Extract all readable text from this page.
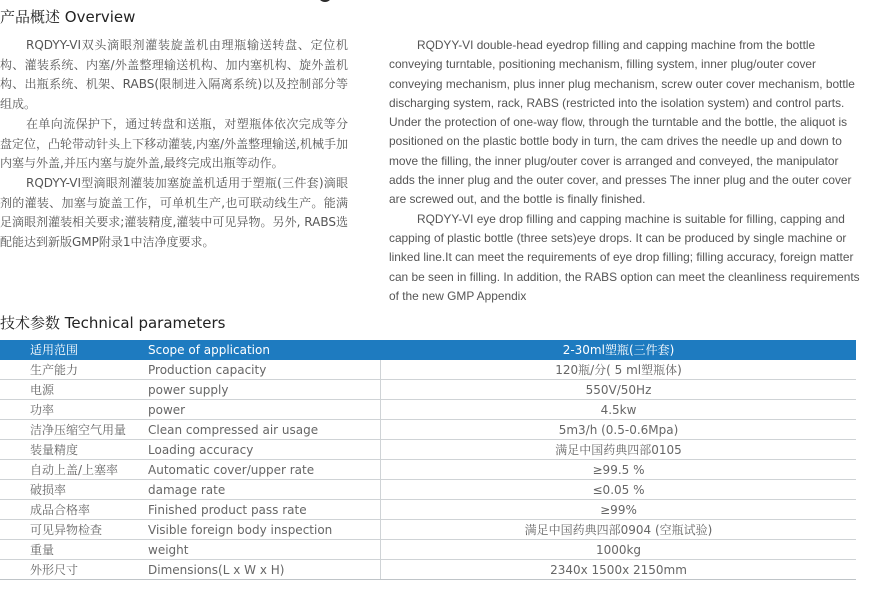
产品概述 Overview

RQDYY-VI双头滴眼剂灌装旋盖机由理瓶输送转盘、定位机构、灌装系统、内塞/外盖整理输送机构、加内塞机构、旋外盖机构、出瓶系统、机架、RABS(限制进入隔离系统)以及控制部分等组成。

在单向流保护下，通过转盘和送瓶，对塑瓶体依次完成等分盘定位，凸轮带动针头上下移动灌装,内塞/外盖整理输送,机械手加内塞与外盖,并压内塞与旋外盖,最终完成出瓶等动作。

RQDYY-VI型滴眼剂灌装加塞旋盖机适用于塑瓶(三件套)滴眼剂的灌装、加塞与旋盖工作，可单机生产,也可联动线生产。能满足滴眼剂灌装相关要求;灌装精度,灌装中可见异物。另外, RABS选配能达到新版GMP附录1中洁净度要求。

RQDYY-VI double-head eyedrop filling and capping machine from the bottle conveying turntable, positioning mechanism, filling system, inner plug/outer cover conveying mechanism, plus inner plug mechanism, screw outer cover mechanism, bottle discharging system, rack, RABS (restricted into the isolation system) and control parts. Under the protection of one-way flow, through the turntable and the bottle, the aliquot is positioned on the plastic bottle body in turn, the cam drives the needle up and down to move the filling, the inner plug/outer cover is arranged and conveyed, the manipulator adds the inner plug and the outer cover, and presses The inner plug and the outer cover are screwed out, and the bottle is finally finished.

RQDYY-VI eye drop filling and capping machine is suitable for filling, capping and capping of plastic bottle (three sets)eye drops. It can be produced by single machine or linked line.It can meet the requirements of eye drop filling; filling accuracy, foreign matter can be seen in filling. In addition, the RABS option can meet the cleanliness requirements of the new GMP Appendix

技术参数 Technical parameters
适用范围	Scope of application	2-30ml塑瓶(三件套)
生产能力	Production capacity	120瓶/分( 5 ml塑瓶体)
电源	power supply	550V/50Hz
功率	power	4.5kw
洁净压缩空气用量	Clean compressed air usage	5m3/h (0.5-0.6Mpa)
装量精度	Loading accuracy	满足中国药典四部0105
自动上盖/上塞率	Automatic cover/upper rate	≥99.5 %
破损率	damage rate	≤0.05 %
成品合格率	Finished product pass rate	≥99%
可见异物检查	Visible foreign body inspection	满足中国药典四部0904 (空瓶试验)
重量	weight	1000kg
外形尺寸	Dimensions(L x W x H)	2340x 1500x 2150mm
